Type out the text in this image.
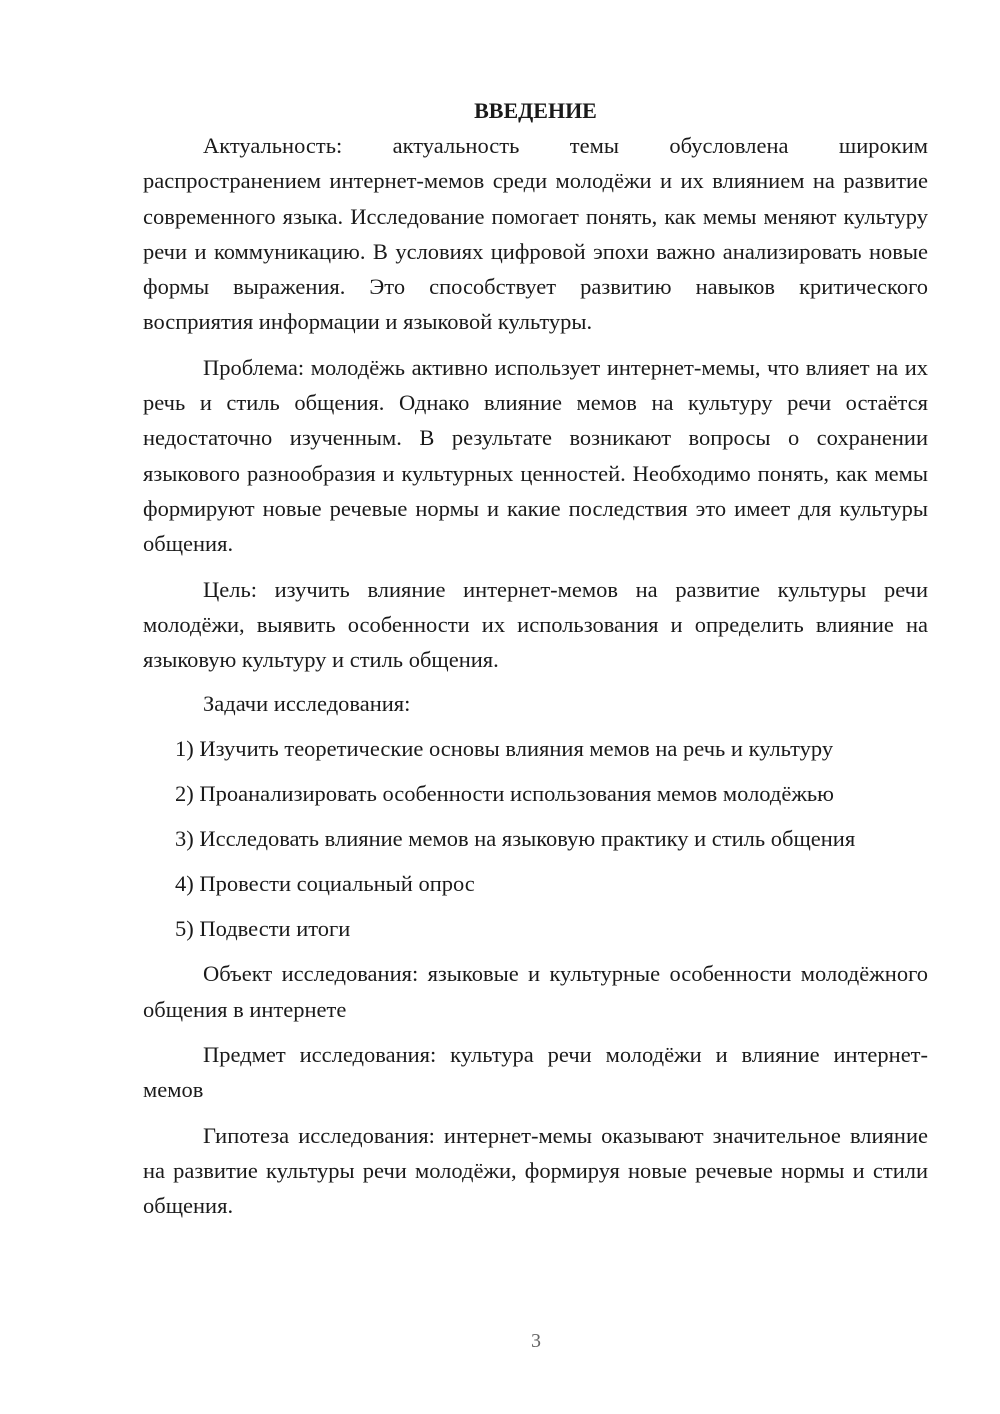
ВВЕДЕНИЕ

Актуальность: актуальность темы обусловлена широким распространением интернет-мемов среди молодёжи и их влиянием на развитие современного языка. Исследование помогает понять, как мемы меняют культуру речи и коммуникацию. В условиях цифровой эпохи важно анализировать новые формы выражения. Это способствует развитию навыков критического восприятия информации и языковой культуры.

Проблема: молодёжь активно использует интернет-мемы, что влияет на их речь и стиль общения. Однако влияние мемов на культуру речи остаётся недостаточно изученным. В результате возникают вопросы о сохранении языкового разнообразия и культурных ценностей. Необходимо понять, как мемы формируют новые речевые нормы и какие последствия это имеет для культуры общения.

Цель: изучить влияние интернет-мемов на развитие культуры речи молодёжи, выявить особенности их использования и определить влияние на языковую культуру и стиль общения.

Задачи исследования:

1) Изучить теоретические основы влияния мемов на речь и культуру

2) Проанализировать особенности использования мемов молодёжью

3) Исследовать влияние мемов на языковую практику и стиль общения

4) Провести социальный опрос

5) Подвести итоги

Объект исследования: языковые и культурные особенности молодёжного общения в интернете

Предмет исследования: культура речи молодёжи и влияние интернет-мемов

Гипотеза исследования: интернет-мемы оказывают значительное влияние на развитие культуры речи молодёжи, формируя новые речевые нормы и стили общения.

3
